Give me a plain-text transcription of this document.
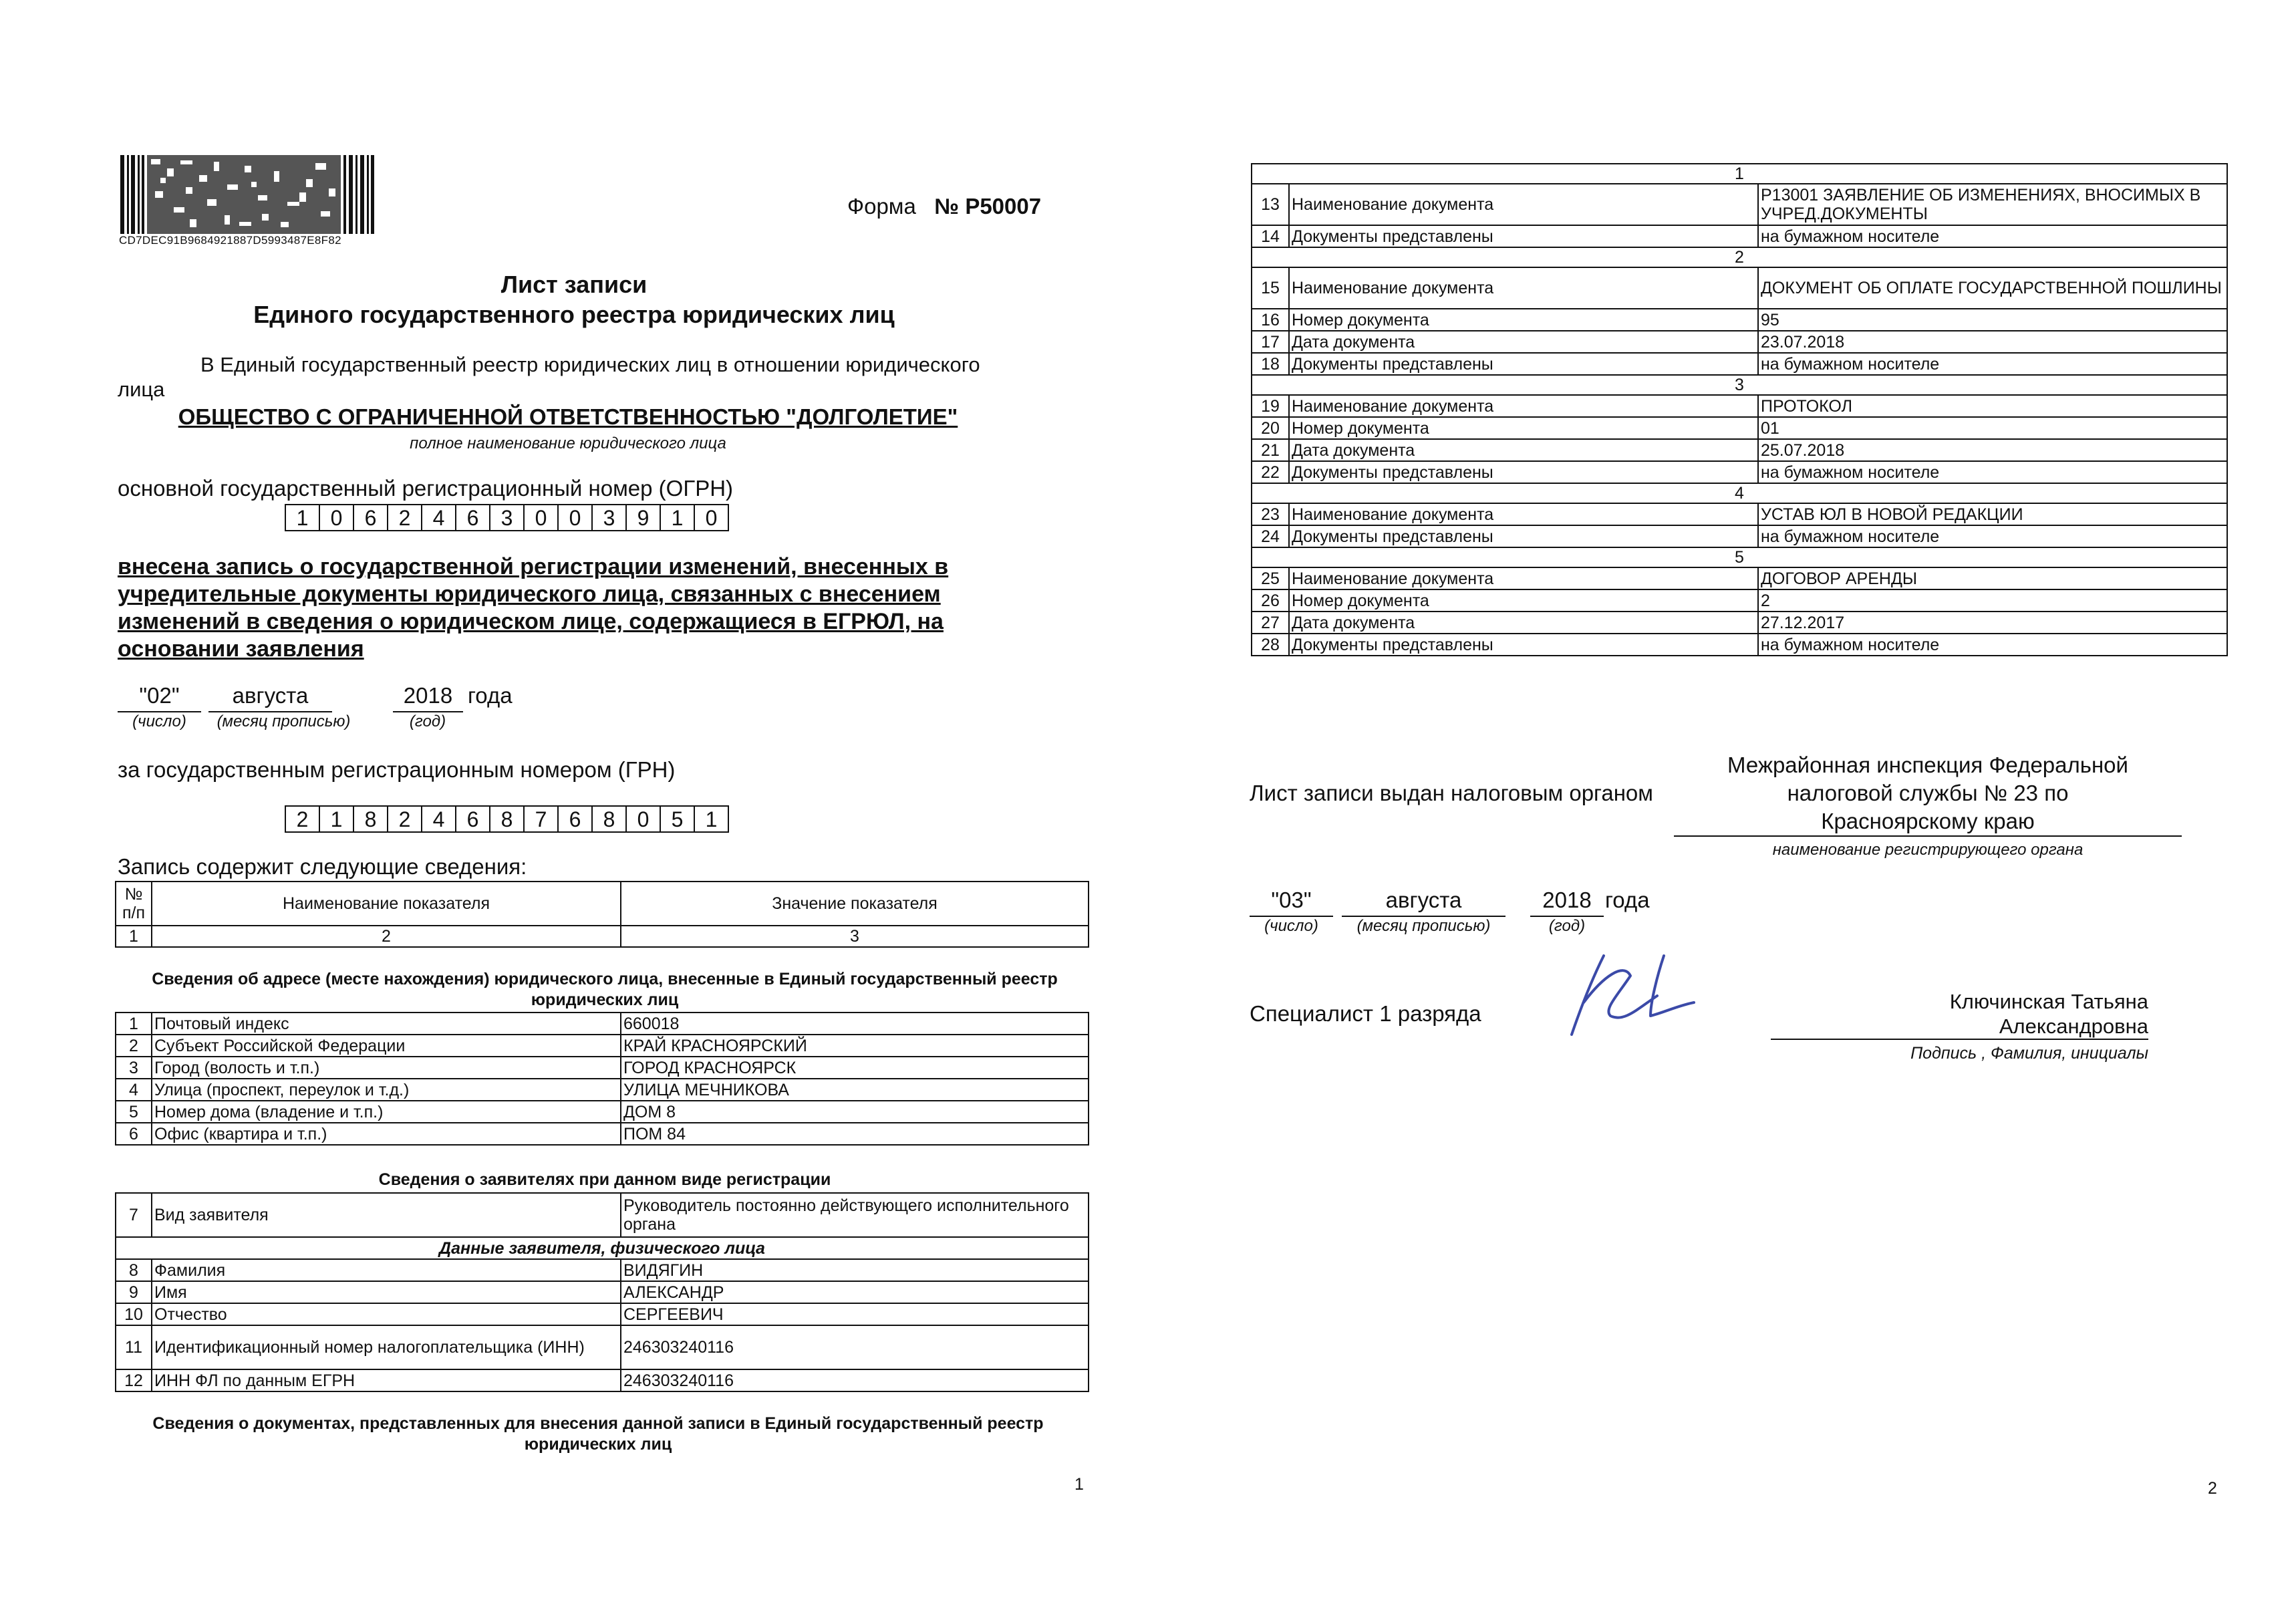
CD7DEC91B9684921887D5993487E8F82
Форма № Р50007
Лист записи
Единого государственного реестра юридических лиц
В Единый государственный реестр юридических лиц в отношении юридического
лица
ОБЩЕСТВО С ОГРАНИЧЕННОЙ ОТВЕТСТВЕННОСТЬЮ "ДОЛГОЛЕТИЕ"
полное наименование юридического лица
основной государственный регистрационный номер (ОГРН)
1	0	6	2	4	6	3	0	0	3	9	1	0
внесена запись о государственной регистрации изменений, внесенных в
учредительные документы юридического лица, связанных с внесением
изменений в сведения о юридическом лице, содержащиеся в ЕГРЮЛ, на
основании заявления
"02"
(число)
августа
(месяц прописью)
2018 года
(год)
за государственным регистрационным номером (ГРН)
2	1	8	2	4	6	8	7	6	8	0	5	1
Запись содержит следующие сведения:
№ п/п	Наименование показателя	Значение показателя
1	2	3
Сведения об адресе (месте нахождения) юридического лица, внесенные в Единый государственный реестр юридических лиц
1	Почтовый индекс	660018
2	Субъект Российской Федерации	КРАЙ КРАСНОЯРСКИЙ
3	Город (волость и т.п.)	ГОРОД КРАСНОЯРСК
4	Улица (проспект, переулок и т.д.)	УЛИЦА МЕЧНИКОВА
5	Номер дома (владение и т.п.)	ДОМ 8
6	Офис (квартира и т.п.)	ПОМ 84
Сведения о заявителях при данном виде регистрации
7	Вид заявителя	Руководитель постоянно действующего исполнительного органа
Данные заявителя, физического лица		
8	Фамилия	ВИДЯГИН
9	Имя	АЛЕКСАНДР
10	Отчество	СЕРГЕЕВИЧ
11	Идентификационный номер налогоплательщика (ИНН)	246303240116
12	ИНН ФЛ по данным ЕГРН	246303240116
Сведения о документах, представленных для внесения данной записи в Единый государственный реестр юридических лиц
1
1		
13	Наименование документа	Р13001 ЗАЯВЛЕНИЕ ОБ ИЗМЕНЕНИЯХ, ВНОСИМЫХ В УЧРЕД.ДОКУМЕНТЫ
14	Документы представлены	на бумажном носителе
2		
15	Наименование документа	ДОКУМЕНТ ОБ ОПЛАТЕ ГОСУДАРСТВЕННОЙ ПОШЛИНЫ
16	Номер документа	95
17	Дата документа	23.07.2018
18	Документы представлены	на бумажном носителе
3		
19	Наименование документа	ПРОТОКОЛ
20	Номер документа	01
21	Дата документа	25.07.2018
22	Документы представлены	на бумажном носителе
4		
23	Наименование документа	УСТАВ ЮЛ В НОВОЙ РЕДАКЦИИ
24	Документы представлены	на бумажном носителе
5		
25	Наименование документа	ДОГОВОР АРЕНДЫ
26	Номер документа	2
27	Дата документа	27.12.2017
28	Документы представлены	на бумажном носителе
Лист записи выдан налоговым органом
Межрайонная инспекция Федеральной
налоговой службы № 23 по
Красноярскому краю
наименование регистрирующего органа
"03"
(число)
августа
(месяц прописью)
2018 года
(год)
Специалист 1 разряда	Ключинская Татьяна
Александровна
Подпись , Фамилия, инициалы
2
